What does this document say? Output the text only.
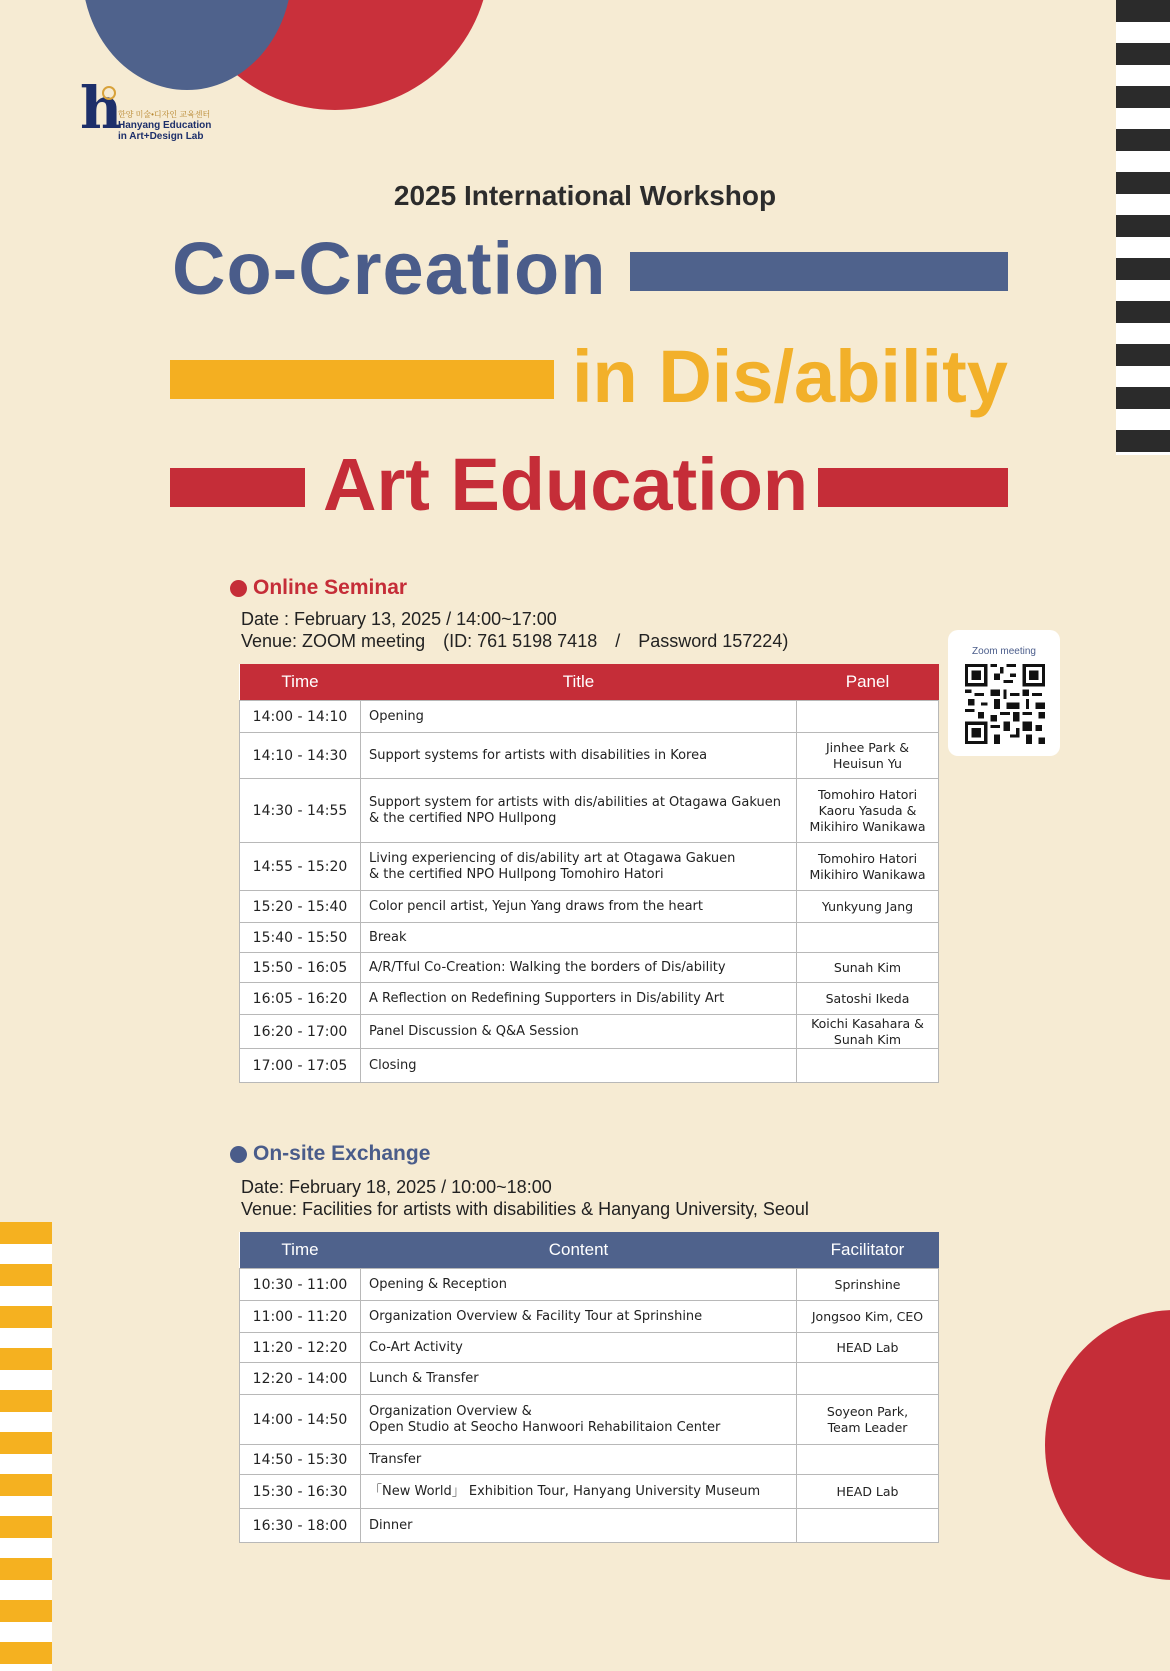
h
한양 미술•디자인 교육센터
Hanyang Education
in Art+Design Lab
2025 International Workshop
Co-Creation
in Dis/ability
Art Education
Online Seminar
Date : February 13, 2025 / 14:00~17:00
Venue: ZOOM meeting (ID: 761 5198 7418 / Password 157224)
Time	Title	Panel
14:00 - 14:10	Opening	
14:10 - 14:30	Support systems for artists with disabilities in Korea	Jinhee Park &
Heuisun Yu
14:30 - 14:55	Support system for artists with dis/abilities at Otagawa Gakuen
& the certified NPO Hullpong	Tomohiro Hatori
Kaoru Yasuda &
Mikihiro Wanikawa
14:55 - 15:20	Living experiencing of dis/ability art at Otagawa Gakuen
& the certified NPO Hullpong Tomohiro Hatori	Tomohiro Hatori
Mikihiro Wanikawa
15:20 - 15:40	Color pencil artist, Yejun Yang draws from the heart	Yunkyung Jang
15:40 - 15:50	Break	
15:50 - 16:05	A/R/Tful Co-Creation: Walking the borders of Dis/ability	Sunah Kim
16:05 - 16:20	A Reflection on Redefining Supporters in Dis/ability Art	Satoshi Ikeda
16:20 - 17:00	Panel Discussion & Q&A Session	Koichi Kasahara &
Sunah Kim
17:00 - 17:05	Closing	
Zoom meeting
On-site Exchange
Date: February 18, 2025 / 10:00~18:00
Venue: Facilities for artists with disabilities & Hanyang University, Seoul
Time	Content	Facilitator
10:30 - 11:00	Opening & Reception	Sprinshine
11:00 - 11:20	Organization Overview & Facility Tour at Sprinshine	Jongsoo Kim, CEO
11:20 - 12:20	Co-Art Activity	HEAD Lab
12:20 - 14:00	Lunch & Transfer	
14:00 - 14:50	Organization Overview &
Open Studio at Seocho Hanwoori Rehabilitaion Center	Soyeon Park,
Team Leader
14:50 - 15:30	Transfer	
15:30 - 16:30	「New World」 Exhibition Tour, Hanyang University Museum	HEAD Lab
16:30 - 18:00	Dinner	
